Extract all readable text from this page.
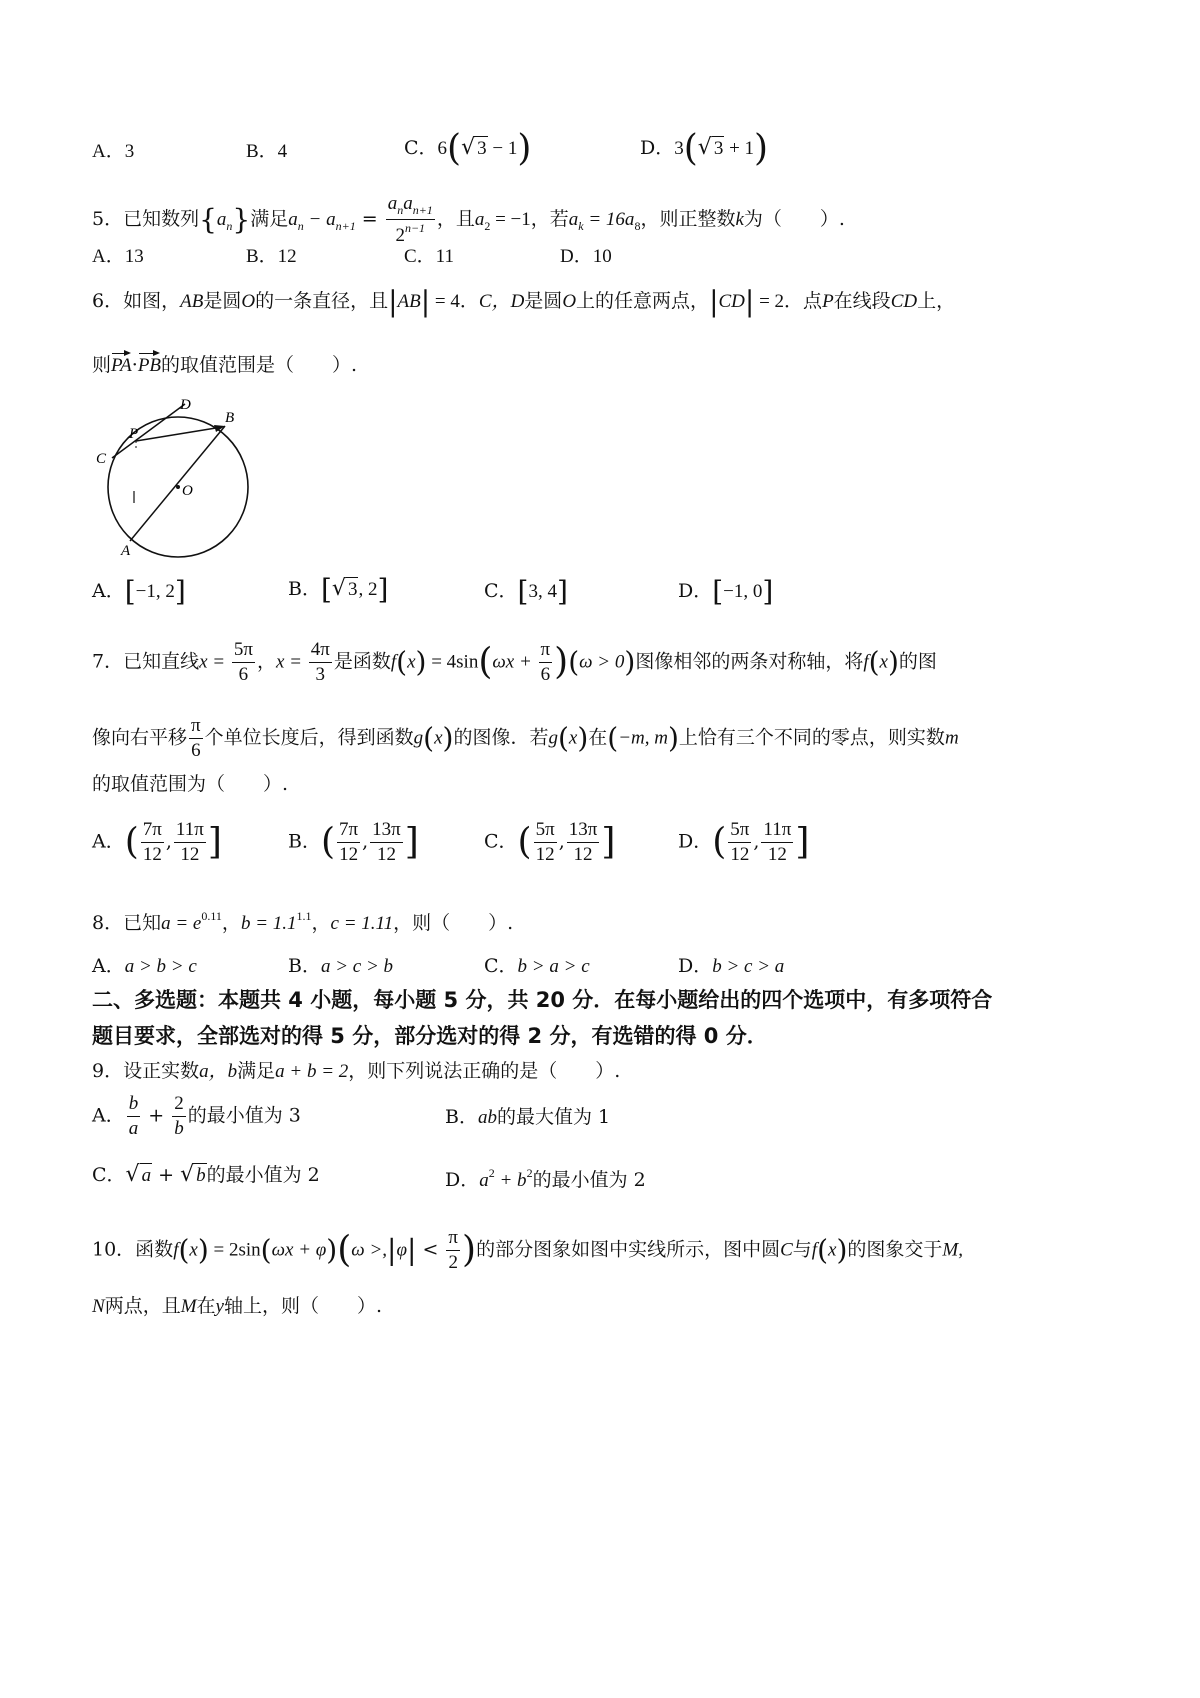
A．3	B．4	C．6(√ 3 − 1)	D．3(√ 3 + 1)
5．已知数列$\{a_n\}$满足$a_n - a_{n+1} = \frac{a_na_{n+1}}{2^{n-1}}$ ，且$a_2 = -1$，若$a_k = 16a_8$，则正整数k为（　　）.
A．13	B．12	C．11	D．10
6．如图，AB是圆O的一条直径，且|AB| = 4．C，D是圆O上的任意两点，|CD| = 2．点P在线段CD上，
则PA·PB的取值范围是（　　）.
D
B
P
C
O
A
A．[−1, 2]	B．[√ 3, 2]	C．[3, 4]	D．[−1, 0]
7．已知直线$x = \frac{5\pi}{6}$ ，$x = \frac{4\pi}{3}$ 是函数$f(x) = 4\sin(\omega x + \frac{\pi}{6} )(\omega > 0)$图像相邻的两条对称轴，将f(x)的图
像向右平移 $\frac{\pi}{6}$ 个单位长度后，得到函数g(x)的图像．若g(x)在(−m, m)上恰有三个不同的零点，则实数m
的取值范围为（　　）.
A．( $\frac{7\pi}{12}$ , $\frac{11\pi}{12}$ ]	B．( $\frac{7\pi}{12}$ , $\frac{13\pi}{12}$ ]	C．( $\frac{5\pi}{12}$ , $\frac{13\pi}{12}$ ]	D．( $\frac{5\pi}{12}$ , $\frac{11\pi}{12}$ ]
8．已知$a = e^{0.11}$，$b = 1.1^{1.1}$，c = 1.11，则（　　）.
A．a > b > c	B．a > c > b	C．b > a > c	D．b > c > a
二、多选题：本题共 4 小题，每小题 5 分，共 20 分．在每小题给出的四个选项中，有多项符合
题目要求，全部选对的得 5 分，部分选对的得 2 分，有选错的得 0 分．
9．设正实数a，b满足a + b = 2，则下列说法正确的是（　　）.
A． $\frac{b}{a} + \frac{2}{b}$ 的最小值为 3	B．ab的最大值为 1
C．√ a + √ b的最小值为 2	D．$a^2 + b^2$的最小值为 2
10．函数$f(x) = 2\sin(\omega x + \varphi)(\omega >,|\varphi| < \frac{\pi}{2}$ )的部分图象如图中实线所示，图中圆C与f(x)的图象交于M,
N两点，且M在y轴上，则（　　）.
